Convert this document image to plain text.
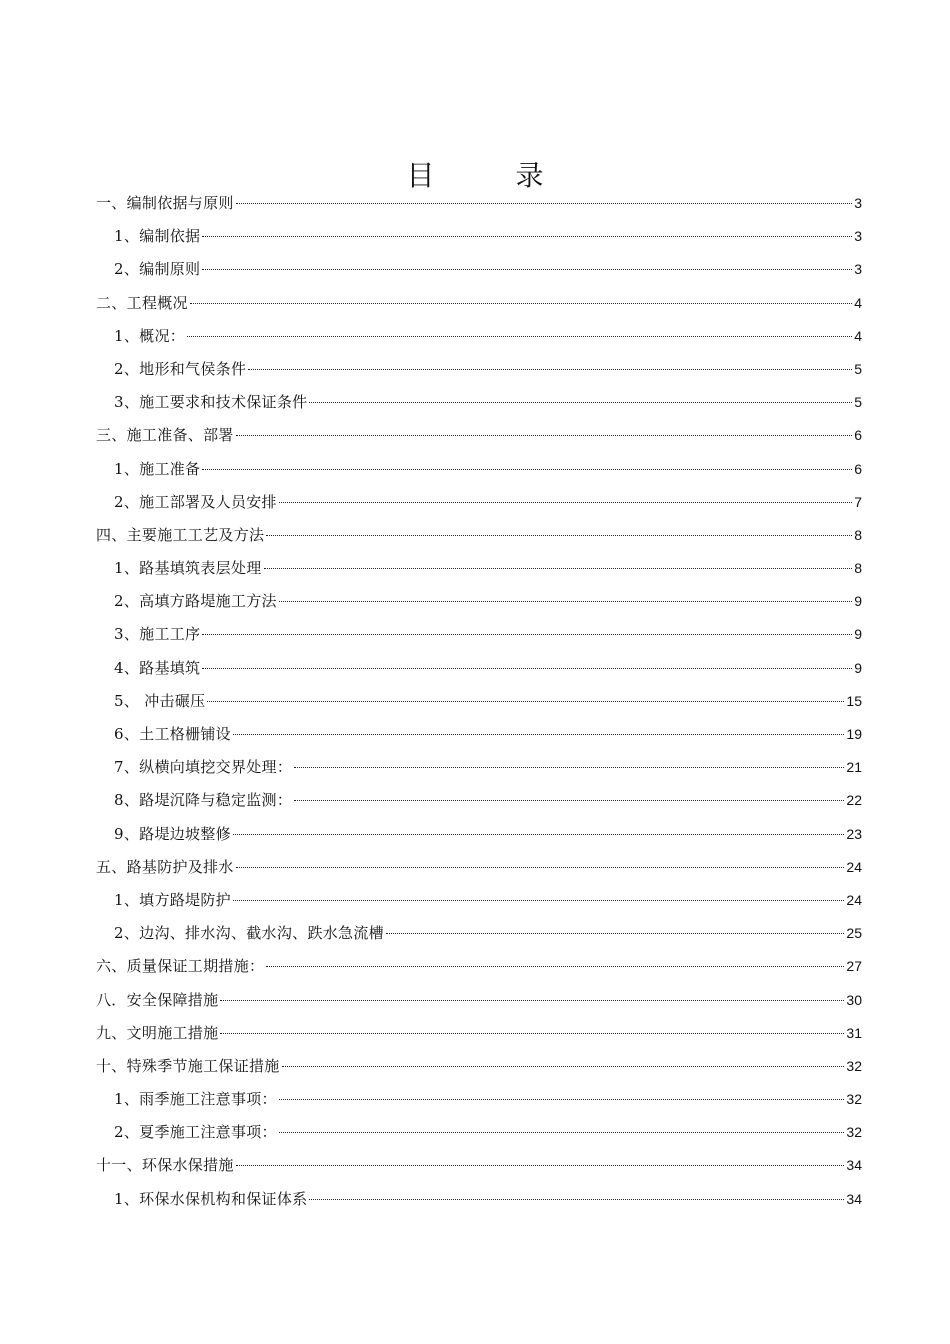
目 录
一、编制依据与原则	3
1、编制依据	3
2、编制原则	3
二、工程概况	4
1、概况：	4
2、地形和气侯条件	5
3、施工要求和技术保证条件	5
三、施工准备、部署	6
1、施工准备	6
2、施工部署及人员安排	7
四、主要施工工艺及方法	8
1、路基填筑表层处理	8
2、高填方路堤施工方法	9
3、施工工序	9
4、路基填筑	9
5、 冲击碾压	15
6、土工格栅铺设	19
7、纵横向填挖交界处理：	21
8、路堤沉降与稳定监测：	22
9、路堤边坡整修	23
五、路基防护及排水	24
1、填方路堤防护	24
2、边沟、排水沟、截水沟、跌水急流槽	25
六、质量保证工期措施：	27
八．安全保障措施	30
九、文明施工措施	31
十、特殊季节施工保证措施	32
1、雨季施工注意事项：	32
2、夏季施工注意事项：	32
十一、环保水保措施	34
1、环保水保机构和保证体系	34
